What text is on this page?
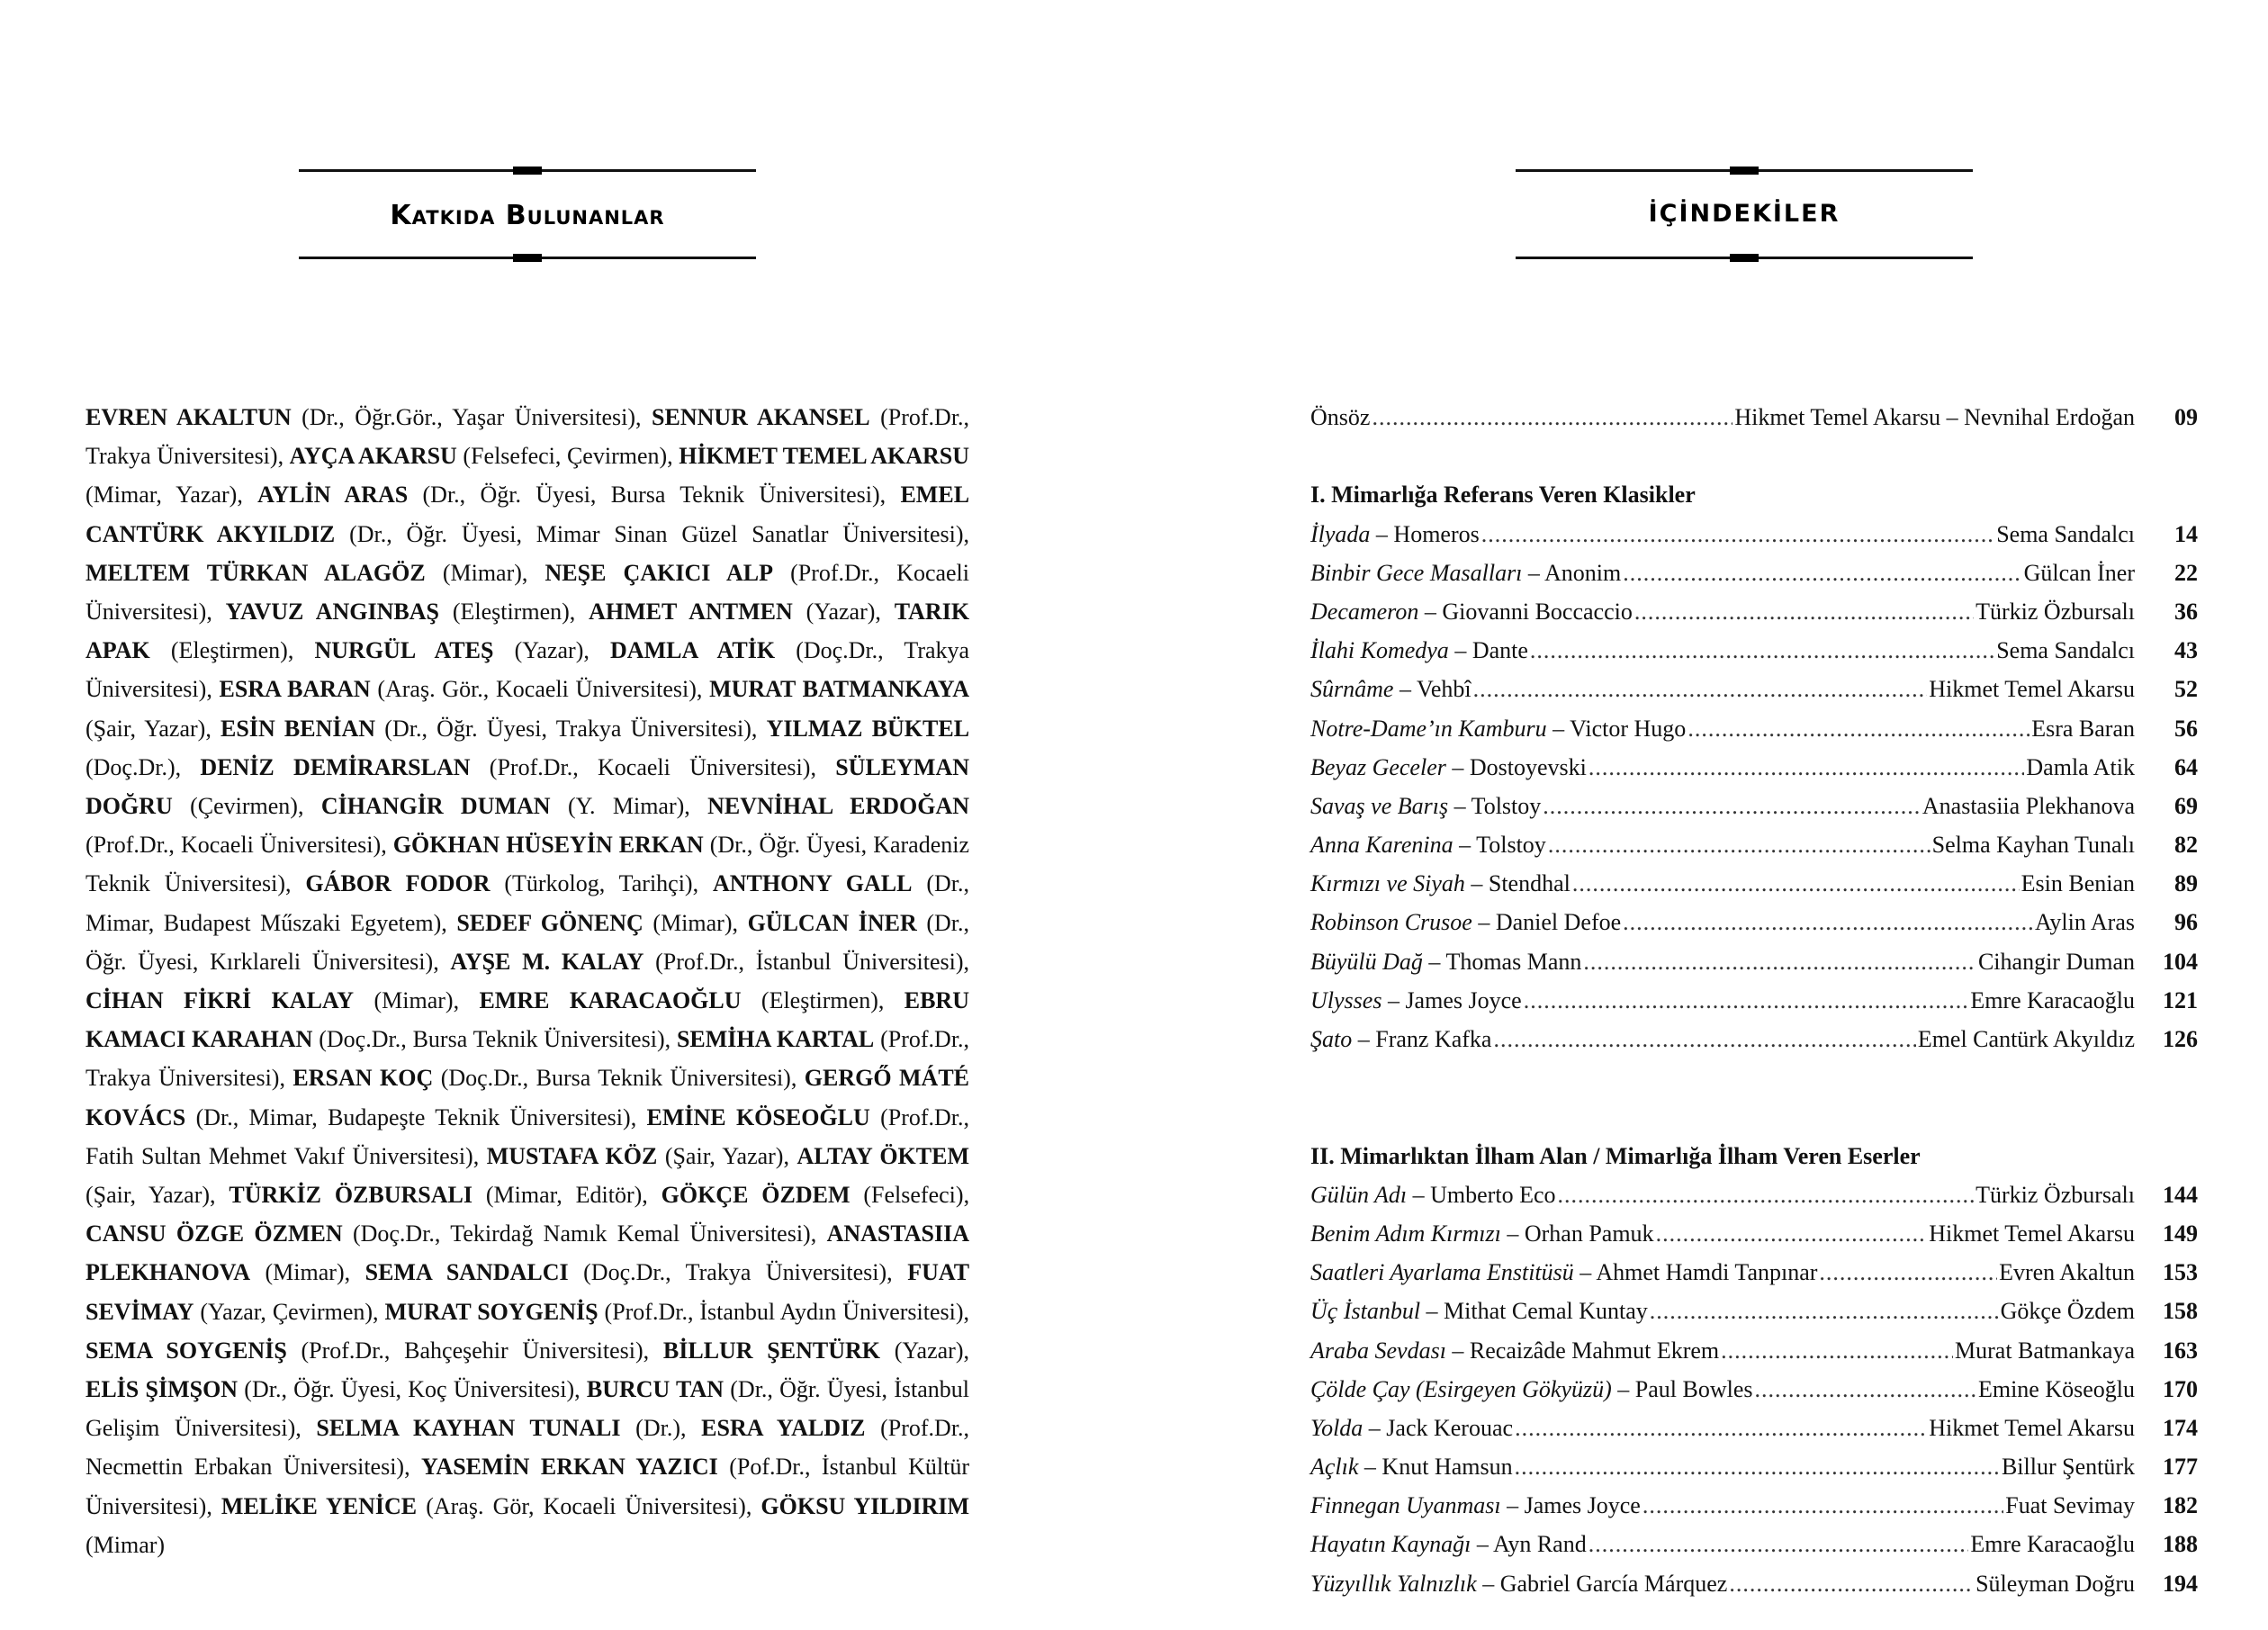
Katkıda Bulunanlar
EVREN AKALTUN (Dr., Öğr.Gör., Yaşar Üniversitesi), SENNUR AKANSEL (Prof.Dr., Trakya Üniversitesi), AYÇA AKARSU (Felsefeci, Çevirmen), HİKMET TEMEL AKARSU (Mimar, Yazar), AYLİN ARAS (Dr., Öğr. Üyesi, Bursa Teknik Üniversitesi), EMEL CANTÜRK AKYILDIZ (Dr., Öğr. Üyesi, Mimar Sinan Güzel Sanatlar Üniversitesi), MELTEM TÜRKAN ALAGÖZ (Mimar), NEŞE ÇAKICI ALP (Prof.Dr., Kocaeli Üniversitesi), YAVUZ ANGINBAŞ (Eleştirmen), AHMET ANTMEN (Yazar), TARIK APAK (Eleştirmen), NURGÜL ATEŞ (Yazar), DAMLA ATİK (Doç.Dr., Trakya Üniversitesi), ESRA BARAN (Araş. Gör., Kocaeli Üniversitesi), MURAT BATMANKAYA (Şair, Yazar), ESİN BENİAN (Dr., Öğr. Üyesi, Trakya Üniversitesi), YILMAZ BÜKTEL (Doç.Dr.), DENİZ DEMİRARSLAN (Prof.Dr., Kocaeli Üniversitesi), SÜLEYMAN DOĞRU (Çevirmen), CİHANGİR DUMAN (Y. Mimar), NEVNİHAL ERDOĞAN (Prof.Dr., Kocaeli Üniversitesi), GÖKHAN HÜSEYİN ERKAN (Dr., Öğr. Üyesi, Karadeniz Teknik Üniversitesi), GÁBOR FODOR (Türkolog, Tarihçi), ANTHONY GALL (Dr., Mimar, Budapest Műszaki Egyetem), SEDEF GÖNENÇ (Mimar), GÜLCAN İNER (Dr., Öğr. Üyesi, Kırklareli Üniversitesi), AYŞE M. KALAY (Prof.Dr., İstanbul Üniversitesi), CİHAN FİKRİ KALAY (Mimar), EMRE KARACAOĞLU (Eleştirmen), EBRU KAMACI KARAHAN (Doç.Dr., Bursa Teknik Üniversitesi), SEMİHA KARTAL (Prof.Dr., Trakya Üniversitesi), ERSAN KOÇ (Doç.Dr., Bursa Teknik Üniversitesi), GERGŐ MÁTÉ KOVÁCS (Dr., Mimar, Budapeşte Teknik Üniversitesi), EMİNE KÖSEOĞLU (Prof.Dr., Fatih Sultan Mehmet Vakıf Üniversitesi), MUSTAFA KÖZ (Şair, Yazar), ALTAY ÖKTEM (Şair, Yazar), TÜRKİZ ÖZBURSALI (Mimar, Editör), GÖKÇE ÖZDEM (Felsefeci), CANSU ÖZGE ÖZMEN (Doç.Dr., Tekirdağ Namık Kemal Üniversitesi), ANASTASIIA PLEKHANOVA (Mimar), SEMA SANDALCI (Doç.Dr., Trakya Üniversitesi), FUAT SEVİMAY (Yazar, Çevirmen), MURAT SOYGENİŞ (Prof.Dr., İstanbul Aydın Üniversitesi), SEMA SOYGENİŞ (Prof.Dr., Bahçeşehir Üniversitesi), BİLLUR ŞENTÜRK (Yazar), ELİS ŞİMŞON (Dr., Öğr. Üyesi, Koç Üniversitesi), BURCU TAN (Dr., Öğr. Üyesi, İstanbul Gelişim Üniversitesi), SELMA KAYHAN TUNALI (Dr.), ESRA YALDIZ (Prof.Dr., Necmettin Erbakan Üniversitesi), YASEMİN ERKAN YAZICI (Pof.Dr., İstanbul Kültür Üniversitesi), MELİKE YENİCE (Araş. Gör, Kocaeli Üniversitesi), GÖKSU YILDIRIM (Mimar)
İÇİNDEKİLER
Önsöz .....	Hikmet Temel Akarsu – Nevnihal Erdoğan	09
I. Mimarlığa Referans Veren Klasikler
İlyada – Homeros .....	Sema Sandalcı	14
Binbir Gece Masalları – Anonim .....	Gülcan İner	22
Decameron – Giovanni Boccaccio .....	Türkiz Özbursalı	36
İlahi Komedya – Dante .....	Sema Sandalcı	43
Sûrnâme – Vehbî .....	Hikmet Temel Akarsu	52
Notre-Dame’ın Kamburu – Victor Hugo .....	Esra Baran	56
Beyaz Geceler – Dostoyevski .....	Damla Atik	64
Savaş ve Barış – Tolstoy .....	Anastasiia Plekhanova	69
Anna Karenina – Tolstoy .....	Selma Kayhan Tunalı	82
Kırmızı ve Siyah – Stendhal .....	Esin Benian	89
Robinson Crusoe – Daniel Defoe .....	Aylin Aras	96
Büyülü Dağ – Thomas Mann .....	Cihangir Duman	104
Ulysses – James Joyce .....	Emre Karacaoğlu	121
Şato – Franz Kafka .....	Emel Cantürk Akyıldız	126
II. Mimarlıktan İlham Alan / Mimarlığa İlham Veren Eserler
Gülün Adı – Umberto Eco .....	Türkiz Özbursalı	144
Benim Adım Kırmızı – Orhan Pamuk .....	Hikmet Temel Akarsu	149
Saatleri Ayarlama Enstitüsü – Ahmet Hamdi Tanpınar .....	Evren Akaltun	153
Üç İstanbul – Mithat Cemal Kuntay .....	Gökçe Özdem	158
Araba Sevdası – Recaizâde Mahmut Ekrem .....	Murat Batmankaya	163
Çölde Çay (Esirgeyen Gökyüzü) – Paul Bowles .....	Emine Köseoğlu	170
Yolda – Jack Kerouac .....	Hikmet Temel Akarsu	174
Açlık – Knut Hamsun .....	Billur Şentürk	177
Finnegan Uyanması – James Joyce .....	Fuat Sevimay	182
Hayatın Kaynağı – Ayn Rand .....	Emre Karacaoğlu	188
Yüzyıllık Yalnızlık – Gabriel García Márquez .....	Süleyman Doğru	194
